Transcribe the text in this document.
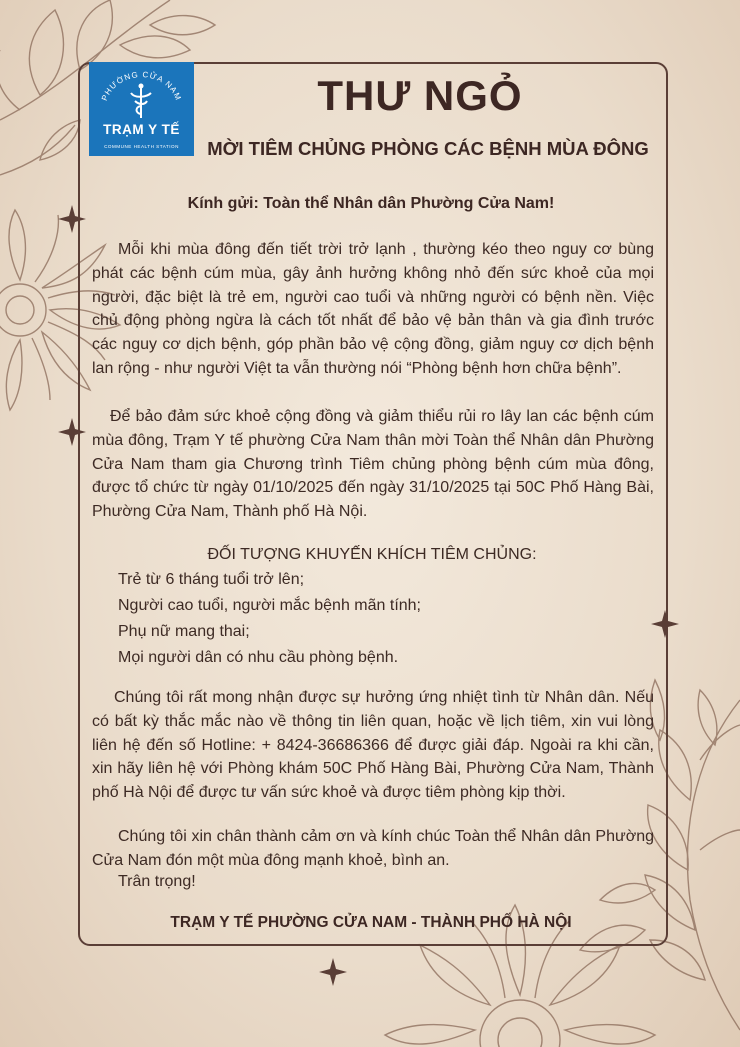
PHƯỜNG CỬA NAM
TRẠM Y TẾ
COMMUNE HEALTH STATION
THƯ NGỎ

MỜI TIÊM CHỦNG PHÒNG CÁC BỆNH MÙA ĐÔNG

Kính gửi: Toàn thể Nhân dân Phường Cửa Nam!

Mỗi khi mùa đông đến tiết trời trở lạnh , thường kéo theo nguy cơ bùng phát các bệnh cúm mùa, gây ảnh hưởng không nhỏ đến sức khoẻ của mọi người, đặc biệt là trẻ em, người cao tuổi và những người có bệnh nền. Việc chủ động phòng ngừa là cách tốt nhất để bảo vệ bản thân và gia đình trước các nguy cơ dịch bệnh, góp phần bảo vệ cộng đồng, giảm nguy cơ dịch bệnh lan rộng - như người Việt ta vẫn thường nói “Phòng bệnh hơn chữa bệnh”.

Để bảo đảm sức khoẻ cộng đồng và giảm thiểu rủi ro lây lan các bệnh cúm mùa đông, Trạm Y tế phường Cửa Nam thân mời Toàn thể Nhân dân Phường Cửa Nam tham gia Chương trình Tiêm chủng phòng bệnh cúm mùa đông, được tổ chức từ ngày 01/10/2025 đến ngày 31/10/2025 tại 50C Phố Hàng Bài, Phường Cửa Nam, Thành phố Hà Nội.

ĐỐI TƯỢNG KHUYẾN KHÍCH TIÊM CHỦNG:

Trẻ từ 6 tháng tuổi trở lên;
Người cao tuổi, người mắc bệnh mãn tính;
Phụ nữ mang thai;
Mọi người dân có nhu cầu phòng bệnh.

Chúng tôi rất mong nhận được sự hưởng ứng nhiệt tình từ Nhân dân. Nếu có bất kỳ thắc mắc nào về thông tin liên quan, hoặc về lịch tiêm, xin vui lòng liên hệ đến số Hotline: + 8424-36686366 để được giải đáp. Ngoài ra khi cần, xin hãy liên hệ với Phòng khám 50C Phố Hàng Bài, Phường Cửa Nam, Thành phố Hà Nội để được tư vấn sức khoẻ và được tiêm phòng kịp thời.

Chúng tôi xin chân thành cảm ơn và kính chúc Toàn thể Nhân dân Phường Cửa Nam đón một mùa đông mạnh khoẻ, bình an.

Trân trọng!

TRẠM Y TẾ PHƯỜNG CỬA NAM - THÀNH PHỐ HÀ NỘI
